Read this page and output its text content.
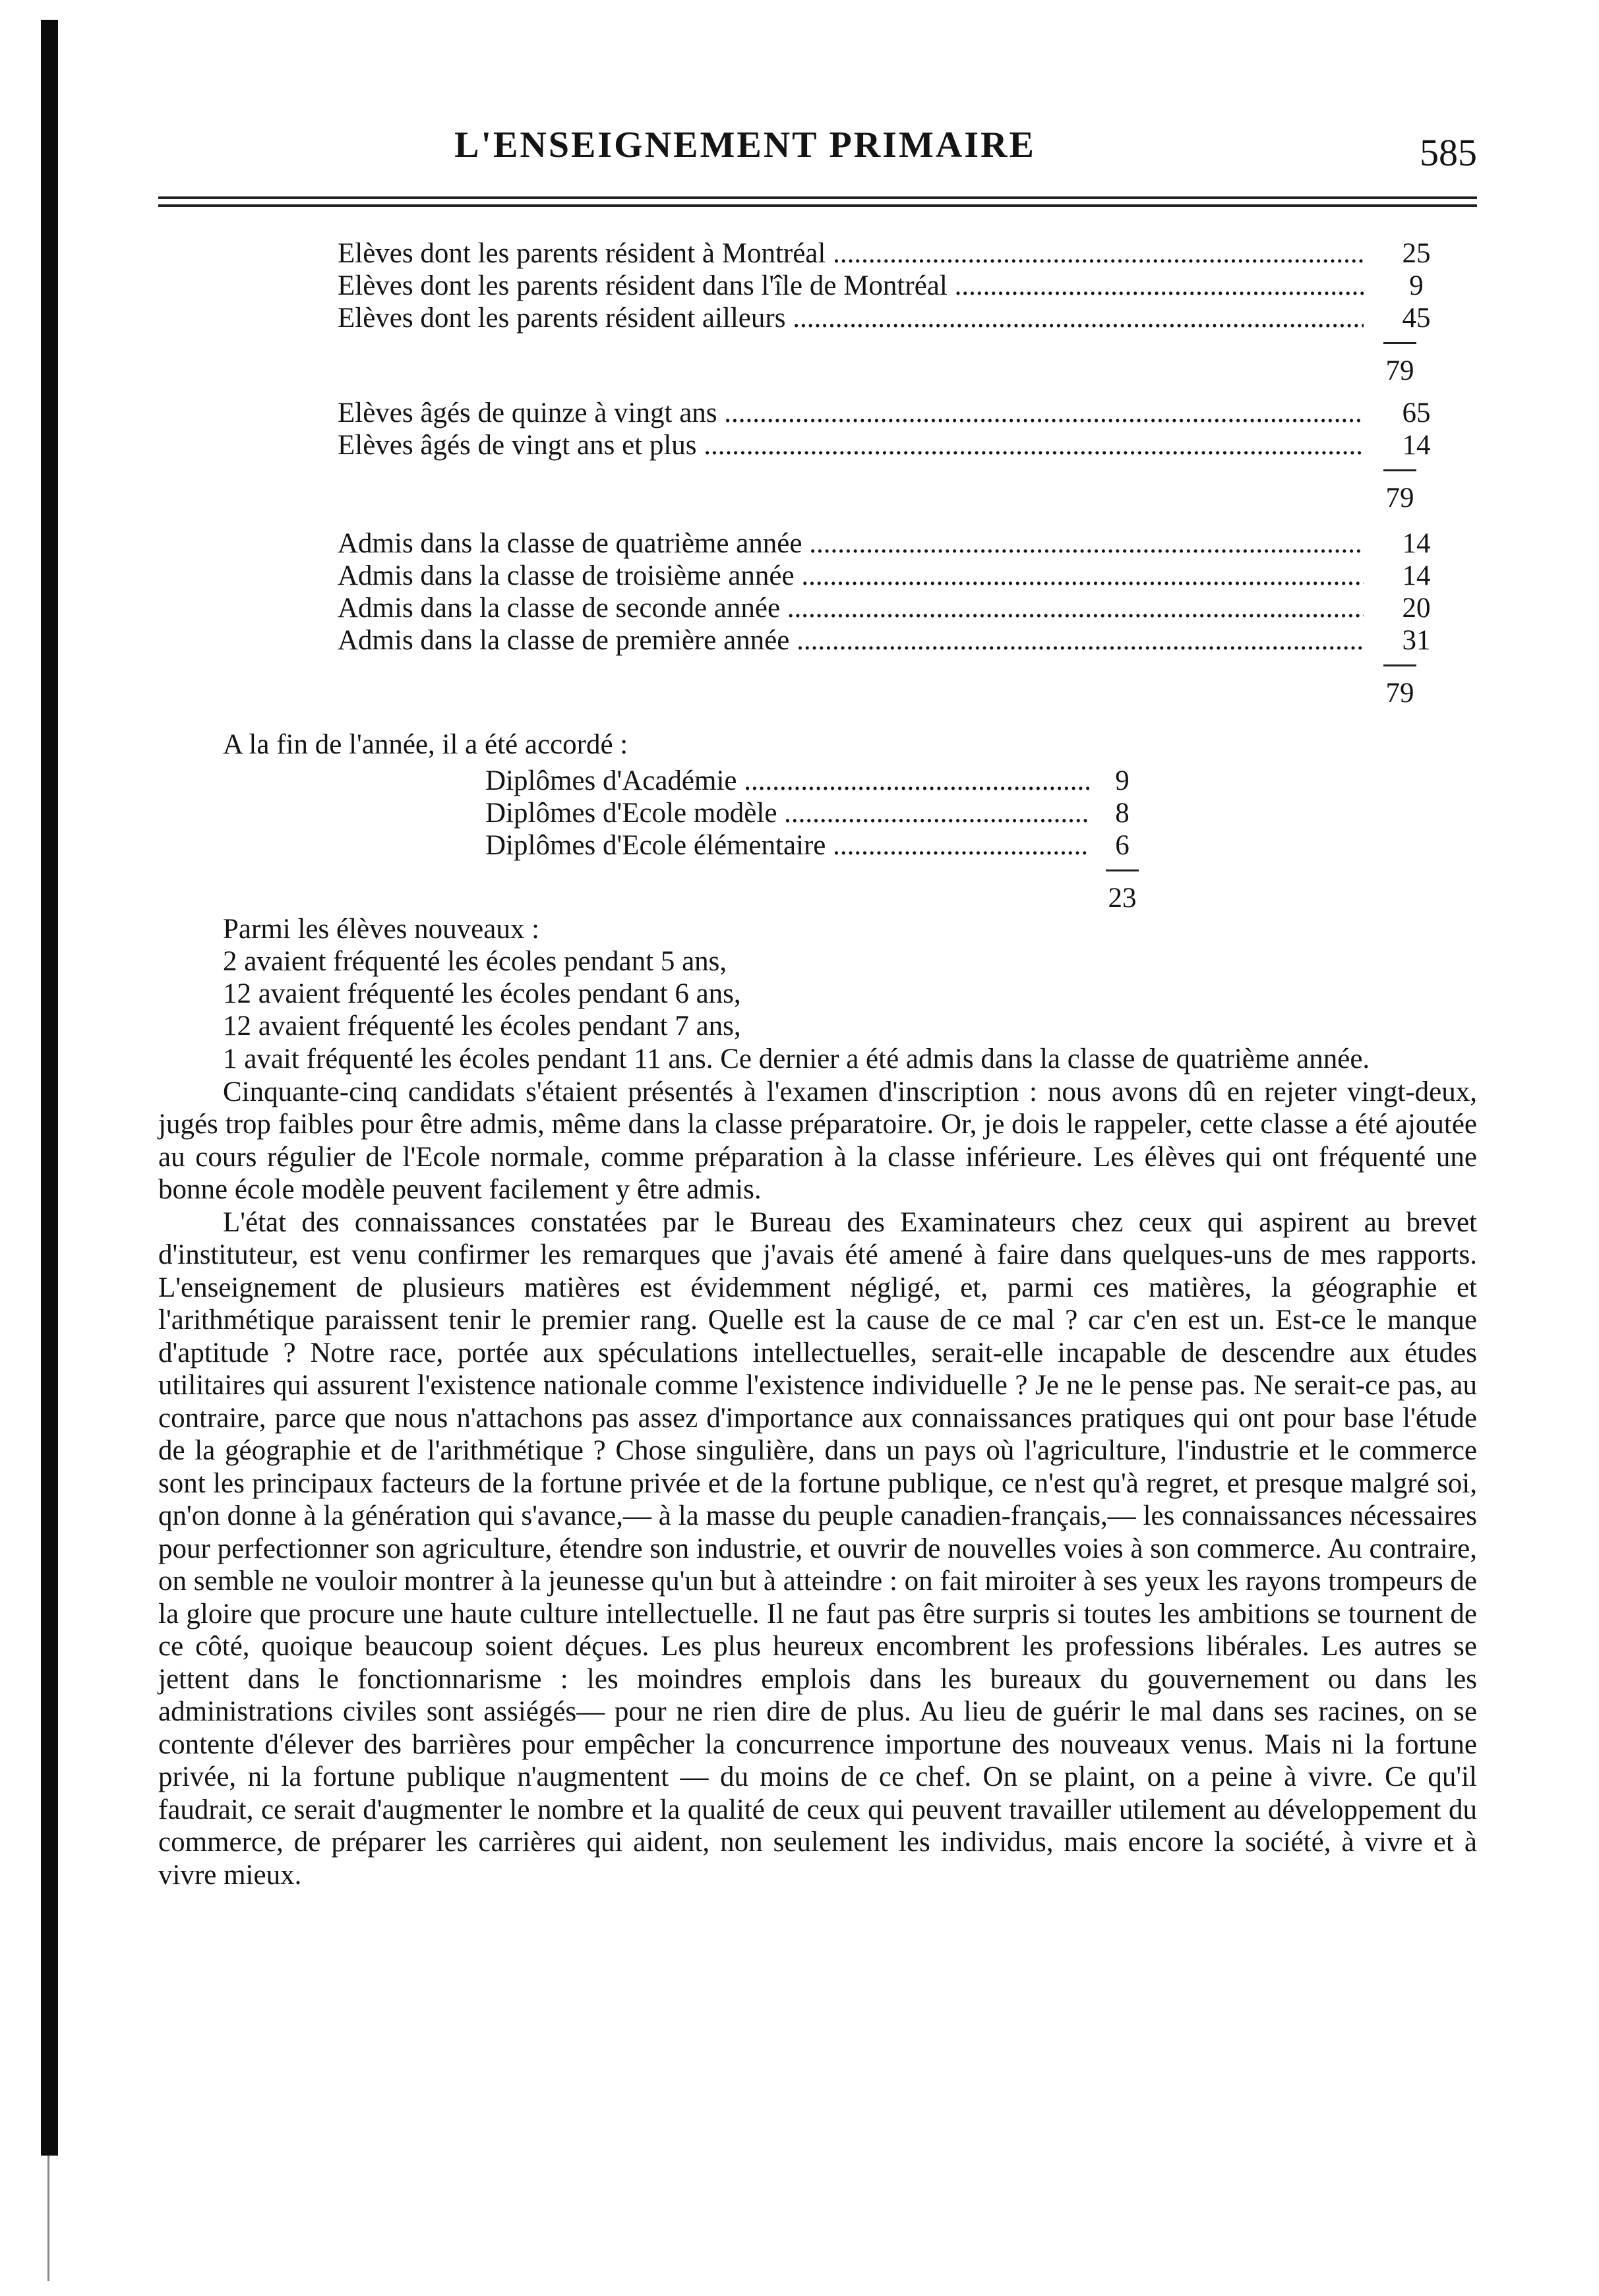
L'ENSEIGNEMENT PRIMAIRE	585
Elèves dont les parents résident à Montréal .....	25
Elèves dont les parents résident dans l'île de Montréal .....	9
Elèves dont les parents résident ailleurs .....	45
79
Elèves âgés de quinze à vingt ans .....	65
Elèves âgés de vingt ans et plus .....	14
79
Admis dans la classe de quatrième année .....	14
Admis dans la classe de troisième année .....	14
Admis dans la classe de seconde année .....	20
Admis dans la classe de première année .....	31
79
A la fin de l'année, il a été accordé :
Diplômes d'Académie .....	9
Diplômes d'Ecole modèle .....	8
Diplômes d'Ecole élémentaire .....	6
23
Parmi les élèves nouveaux :
2 avaient fréquenté les écoles pendant 5 ans,
12 avaient fréquenté les écoles pendant 6 ans,
12 avaient fréquenté les écoles pendant 7 ans,

1 avait fréquenté les écoles pendant 11 ans. Ce dernier a été admis dans la classe de quatrième année.

Cinquante-cinq candidats s'étaient présentés à l'examen d'inscription : nous avons dû en rejeter vingt-deux, jugés trop faibles pour être admis, même dans la classe préparatoire. Or, je dois le rappeler, cette classe a été ajoutée au cours régulier de l'Ecole normale, comme préparation à la classe inférieure. Les élèves qui ont fréquenté une bonne école modèle peuvent facilement y être admis.

L'état des connaissances constatées par le Bureau des Examinateurs chez ceux qui aspirent au brevet d'instituteur, est venu confirmer les remarques que j'avais été amené à faire dans quelques-uns de mes rapports. L'enseignement de plusieurs matières est évidemment négligé, et, parmi ces matières, la géographie et l'arithmétique paraissent tenir le premier rang. Quelle est la cause de ce mal ? car c'en est un. Est-ce le manque d'aptitude ? Notre race, portée aux spéculations intellectuelles, serait-elle incapable de descendre aux études utilitaires qui assurent l'existence nationale comme l'existence individuelle ? Je ne le pense pas. Ne serait-ce pas, au contraire, parce que nous n'attachons pas assez d'importance aux connaissances pratiques qui ont pour base l'étude de la géographie et de l'arithmétique ? Chose singulière, dans un pays où l'agriculture, l'industrie et le commerce sont les principaux facteurs de la fortune privée et de la fortune publique, ce n'est qu'à regret, et presque malgré soi, qn'on donne à la génération qui s'avance,— à la masse du peuple canadien-français,— les connaissances nécessaires pour perfectionner son agriculture, étendre son industrie, et ouvrir de nouvelles voies à son commerce. Au contraire, on semble ne vouloir montrer à la jeunesse qu'un but à atteindre : on fait miroiter à ses yeux les rayons trompeurs de la gloire que procure une haute culture intellectuelle. Il ne faut pas être surpris si toutes les ambitions se tournent de ce côté, quoique beaucoup soient déçues. Les plus heureux encombrent les professions libérales. Les autres se jettent dans le fonctionnarisme : les moindres emplois dans les bureaux du gouvernement ou dans les administrations civiles sont assiégés— pour ne rien dire de plus. Au lieu de guérir le mal dans ses racines, on se contente d'élever des barrières pour empêcher la concurrence importune des nouveaux venus. Mais ni la fortune privée, ni la fortune publique n'augmentent — du moins de ce chef. On se plaint, on a peine à vivre. Ce qu'il faudrait, ce serait d'augmenter le nombre et la qualité de ceux qui peuvent travailler utilement au développement du commerce, de préparer les carrières qui aident, non seulement les individus, mais encore la société, à vivre et à vivre mieux.
